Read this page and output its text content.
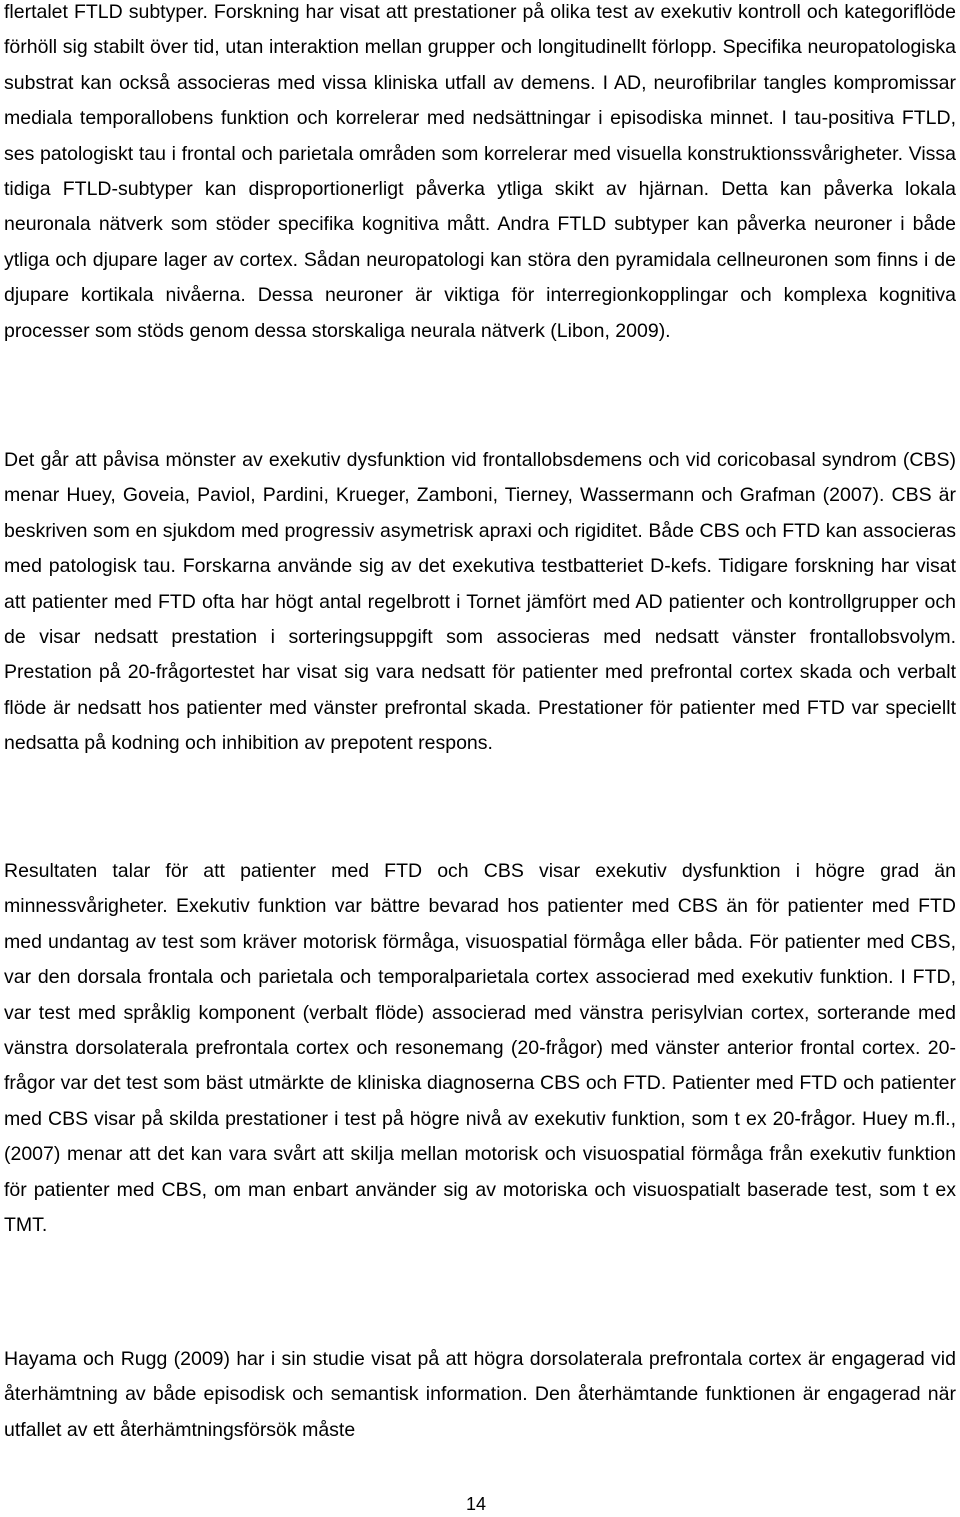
flertalet FTLD subtyper. Forskning har visat att prestationer på olika test av exekutiv kontroll och kategoriflöde förhöll sig stabilt över tid, utan interaktion mellan grupper och longitudinellt förlopp. Specifika neuropatologiska substrat kan också associeras med vissa kliniska utfall av demens. I AD, neurofibrilar tangles kompromissar mediala temporallobens funktion och korrelerar med nedsättningar i episodiska minnet. I tau-positiva FTLD, ses patologiskt tau i frontal och parietala områden som korrelerar med visuella konstruktionssvårigheter. Vissa tidiga FTLD-subtyper kan disproportionerligt påverka ytliga skikt av hjärnan. Detta kan påverka lokala neuronala nätverk som stöder specifika kognitiva mått. Andra FTLD subtyper kan påverka neuroner i både ytliga och djupare lager av cortex. Sådan neuropatologi kan störa den pyramidala cellneuronen som finns i de djupare kortikala nivåerna. Dessa neuroner är viktiga för interregionkopplingar och komplexa kognitiva processer som stöds genom dessa storskaliga neurala nätverk (Libon, 2009).

Det går att påvisa mönster av exekutiv dysfunktion vid frontallobsdemens och vid coricobasal syndrom (CBS) menar Huey, Goveia, Paviol, Pardini, Krueger, Zamboni, Tierney, Wassermann och Grafman (2007). CBS är beskriven som en sjukdom med progressiv asymetrisk apraxi och rigiditet. Både CBS och FTD kan associeras med patologisk tau. Forskarna använde sig av det exekutiva testbatteriet D-kefs. Tidigare forskning har visat att patienter med FTD ofta har högt antal regelbrott i Tornet jämfört med AD patienter och kontrollgrupper och de visar nedsatt prestation i sorteringsuppgift som associeras med nedsatt vänster frontallobsvolym. Prestation på 20-frågortestet har visat sig vara nedsatt för patienter med prefrontal cortex skada och verbalt flöde är nedsatt hos patienter med vänster prefrontal skada. Prestationer för patienter med FTD var speciellt nedsatta på kodning och inhibition av prepotent respons.

Resultaten talar för att patienter med FTD och CBS visar exekutiv dysfunktion i högre grad än minnessvårigheter. Exekutiv funktion var bättre bevarad hos patienter med CBS än för patienter med FTD med undantag av test som kräver motorisk förmåga, visuospatial förmåga eller båda. För patienter med CBS, var den dorsala frontala och parietala och temporalparietala cortex associerad med exekutiv funktion. I FTD, var test med språklig komponent (verbalt flöde) associerad med vänstra perisylvian cortex, sorterande med vänstra dorsolaterala prefrontala cortex och resonemang (20-frågor) med vänster anterior frontal cortex. 20-frågor var det test som bäst utmärkte de kliniska diagnoserna CBS och FTD. Patienter med FTD och patienter med CBS visar på skilda prestationer i test på högre nivå av exekutiv funktion, som t ex 20-frågor. Huey m.fl., (2007) menar att det kan vara svårt att skilja mellan motorisk och visuospatial förmåga från exekutiv funktion för patienter med CBS, om man enbart använder sig av motoriska och visuospatialt baserade test, som t ex TMT.

Hayama och Rugg (2009) har i sin studie visat på att högra dorsolaterala prefrontala cortex är engagerad vid återhämtning av både episodisk och semantisk information. Den återhämtande funktionen är engagerad när utfallet av ett återhämtningsförsök måste

14
